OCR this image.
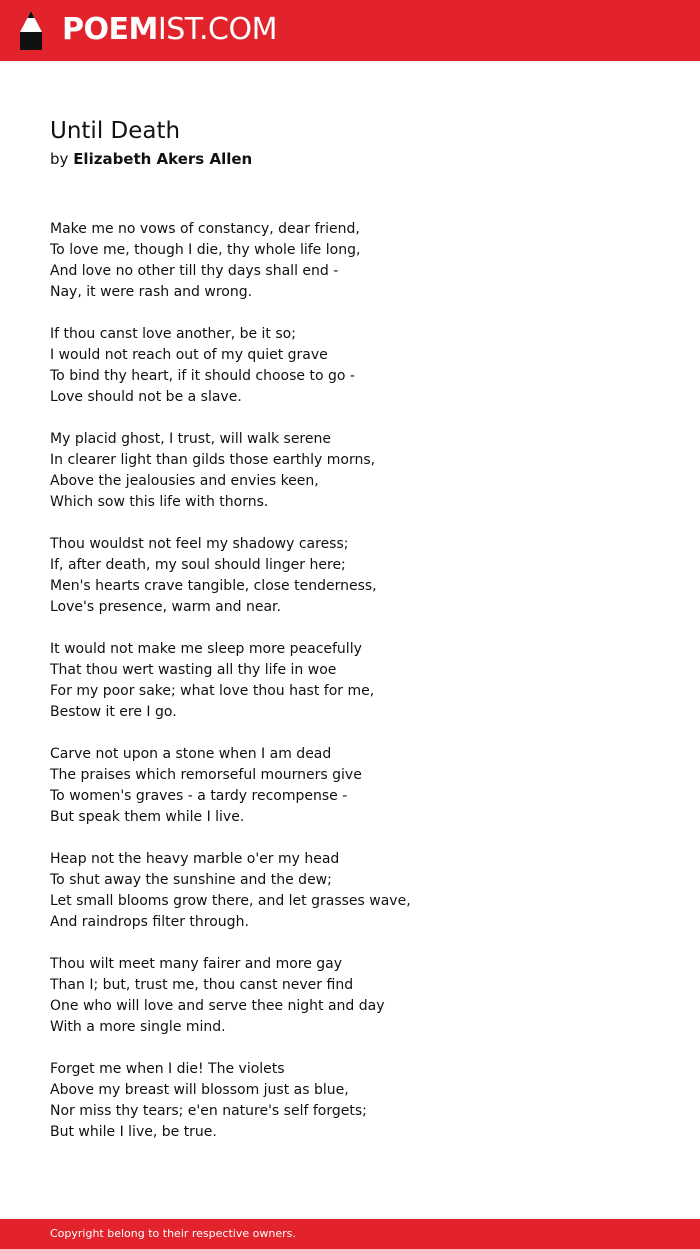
POEMIST.COM
Until Death
by Elizabeth Akers Allen
Make me no vows of constancy, dear friend,
To love me, though I die, thy whole life long,
And love no other till thy days shall end -
Nay, it were rash and wrong.
If thou canst love another, be it so;
I would not reach out of my quiet grave
To bind thy heart, if it should choose to go -
Love should not be a slave.
My placid ghost, I trust, will walk serene
In clearer light than gilds those earthly morns,
Above the jealousies and envies keen,
Which sow this life with thorns.
Thou wouldst not feel my shadowy caress;
If, after death, my soul should linger here;
Men's hearts crave tangible, close tenderness,
Love's presence, warm and near.
It would not make me sleep more peacefully
That thou wert wasting all thy life in woe
For my poor sake; what love thou hast for me,
Bestow it ere I go.
Carve not upon a stone when I am dead
The praises which remorseful mourners give
To women's graves - a tardy recompense -
But speak them while I live.
Heap not the heavy marble o'er my head
To shut away the sunshine and the dew;
Let small blooms grow there, and let grasses wave,
And raindrops filter through.
Thou wilt meet many fairer and more gay
Than I; but, trust me, thou canst never find
One who will love and serve thee night and day
With a more single mind.
Forget me when I die! The violets
Above my breast will blossom just as blue,
Nor miss thy tears; e'en nature's self forgets;
But while I live, be true.
Copyright belong to their respective owners.
